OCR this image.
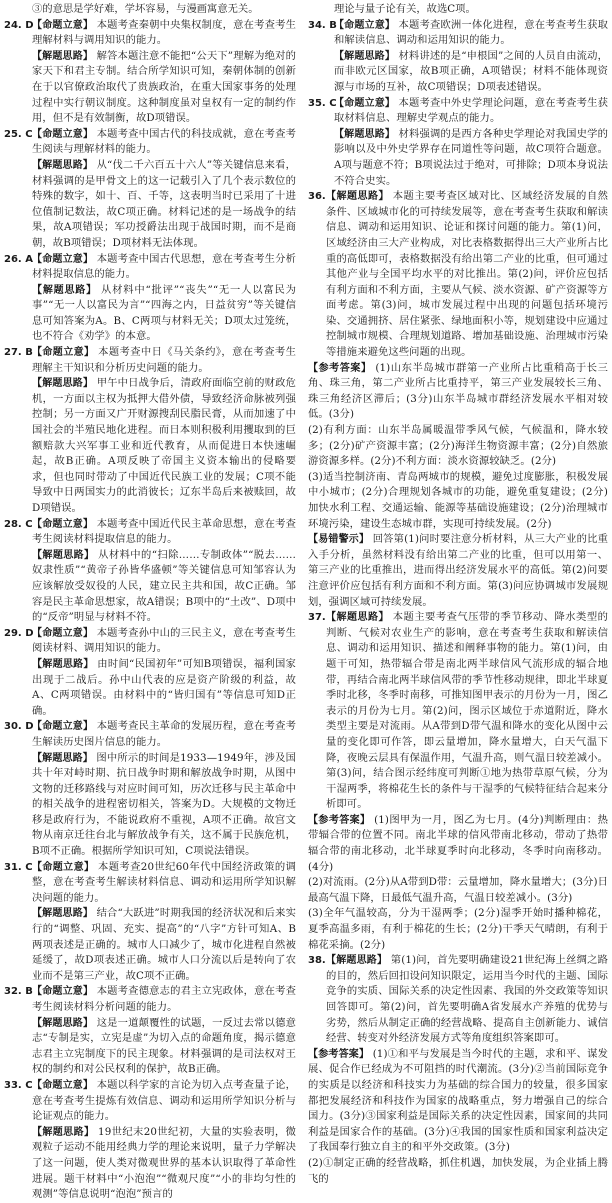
③的意思是学好难，学坏容易，与漫画寓意无关。

24. D

【命题立意】 本题考查秦朝中央集权制度，意在考查考生理解材料与调用知识的能力。

【解题思路】 解答本题注意不能把“公天下”理解为绝对的家天下和君主专制。结合所学知识可知，秦朝体制的创新在于以官僚政治取代了贵族政治，在重大国家事务的处理过程中实行朝议制度。这种制度虽对皇权有一定的制约作用，但不是有效制衡，故D项错误。

25. C 【命题立意】 本题考查中国古代的科技成就，意在考查考生阅读与理解材料的能力。

【解题思路】 从“伐二千六百五十六人”等关键信息来看，材料强调的是甲骨文上的这一记载引入了几个表示数位的特殊的数字，如十、百、千等，这表明当时已采用了十进位值制记数法，故C项正确。材料记述的是一场战争的结果，故A项错误；军功授爵法出现于战国时期，而不是商朝，故B项错误；D项材料无法体现。

26. A 【命题立意】 本题考查中国古代思想，意在考查考生分析材料提取信息的能力。

【解题思路】 从材料中“批评”“丧失”“无一人以富民为事”“无一人以富民为言”“四海之内，日益贫穷”等关键信息可知答案为A。B、C两项与材料无关；D项太过笼统，也不符合《劝学》的本意。

27. B 【命题立意】 本题考查中日《马关条约》，意在考查考生理解主干知识和分析历史问题的能力。

【解题思路】 甲午中日战争后，清政府面临空前的财政危机，一方面以主权为抵押大借外债，导致经济命脉被列强控制；另一方面又广开财源搜刮民脂民膏，从而加速了中国社会的半殖民地化进程。而日本则积极利用攫取到的巨额赔款大兴军事工业和近代教育，从而促进日本快速崛起，故B正确。A项反映了帝国主义资本输出的侵略要求，但也同时带动了中国近代民族工业的发展；C项不能导致中日两国实力的此消彼长；辽东半岛后来被赎回，故D项错误。

28. C 【命题立意】 本题考查中国近代民主革命思想，意在考查考生阅读材料提取信息的能力。

【解题思路】 从材料中的“扫除……专制政体”“脱去……奴隶性质”“黄帝子孙皆华盛顿”等关键信息可知邹容认为应该解放受奴役的人民，建立民主共和国，故C正确。邹容是民主革命思想家，故A错误；B项中的“土改”、D项中的“反帝”明显与材料不符。

29. D

【命题立意】 本题考查孙中山的三民主义，意在考查考生阅读材料、调用知识的能力。

【解题思路】 由时间“民国初年”可知B项错误，福利国家出现于二战后。孙中山代表的应是资产阶级的利益，故A、C两项错误。由材料中的“皆归国有”等信息可知D正确。

30. D

【命题立意】 本题考查民主革命的发展历程，意在考查考生解读历史图片信息的能力。

【解题思路】 图中所示的时间是1933—1949年，涉及国共十年对峙时期、抗日战争时期和解放战争时期，从图中文物的迁移路线与对应时间可知，历次迁移与民主革命中的相关战争的进程密切相关，答案为D。大规模的文物迁移是政府行为，不能说政府不重视，A项不正确。故宫文物从南京迁往台北与解放战争有关，这不属于民族危机，B项不正确。根据所学知识可知，C项说法错误。

31. C 【命题立意】 本题考查20世纪60年代中国经济政策的调整，意在考查考生解读材料信息、调动和运用所学知识解决问题的能力。

【解题思路】 结合“大跃进”时期我国的经济状况和后来实行的“调整、巩固、充实、提高”的“八字”方针可知A、B两项表述是正确的。城市人口减少了，城市化进程自然被延缓了，故D项表述正确。城市人口分流以后是转向了农业而不是第三产业，故C项不正确。

32. B 【命题立意】 本题考查德意志的君主立宪政体，意在考查考生阅读材料分析问题的能力。

【解题思路】 这是一道颠覆性的试题，一反过去常以德意志“专制是实，立宪是虚”为切入点的命题角度，揭示德意志君主立宪制度下的民主现象。材料强调的是司法权对王权的制约和对公民权利的保护，故B正确。

33. C 【命题立意】 本题以科学家的言论为切入点考查量子论，意在考查考生提炼有效信息、调动和运用所学知识分析与论证观点的能力。

【解题思路】 19世纪末20世纪初，大量的实验表明，微观粒子运动不能用经典力学的理论来说明，量子力学解决了这一问题，使人类对微观世界的基本认识取得了革命性进展。题干材料中“小泡泡”“微观尺度”“小的非均匀性的观测”等信息说明“泡泡”预言的

理论与量子论有关，故选C项。

34. B

【命题立意】 本题考查欧洲一体化进程，意在考查考生获取和解读信息、调动和运用知识的能力。

【解题思路】 材料讲述的是“申根国”之间的人员自由流动，而非欧元区国家，故B项正确，A项错误；材料不能体现资源与市场的互补，故C项错误；D项表述错误。

35. C

【命题立意】 本题考查中外史学理论问题，意在考查考生获取材料信息、理解史学观点的能力。

【解题思路】 材料强调的是西方各种史学理论对我国史学的影响以及中外史学界存在同道性等问题，故C项符合题意。A项与题意不符；B项说法过于绝对，可排除；D项本身说法不符合史实。

36. 【解题思路】 本题主要考查区域对比、区域经济发展的自然条件、区域城市化的可持续发展等，意在考查考生获取和解读信息、调动和运用知识、论证和探讨问题的能力。第(1)问，区域经济由三大产业构成，对比表格数据得出三大产业所占比重的高低即可，表格数据没有给出第二产业的比重，但可通过其他产业与全国平均水平的对比推出。第(2)问，评价应包括有利方面和不利方面，主要从气候、淡水资源、矿产资源等方面考虑。第(3)问，城市发展过程中出现的问题包括环境污染、交通拥挤、居住紧张、绿地面积小等，规划建设中应通过控制城市规模、合理规划道路、增加基础设施、治理城市污染等措施来避免这些问题的出现。

【参考答案】 (1)山东半岛城市群第一产业所占比重稍高于长三角、珠三角，第二产业所占比重持平，第三产业发展较长三角、珠三角经济区滞后；(3分)山东半岛城市群经济发展水平相对较低。(3分)

(2)有利方面：山东半岛属暖温带季风气候，气候温和，降水较多；(2分)矿产资源丰富；(2分)海洋生物资源丰富；(2分)自然旅游资源多样。(2分)不利方面：淡水资源较缺乏。(2分)

(3)适当控制济南、青岛两城市的规模，避免过度膨胀，积极发展中小城市；(2分)合理规划各城市的功能，避免重复建设；(2分)加快水利工程、交通运输、能源等基础设施建设；(2分)治理城市环境污染，建设生态城市群，实现可持续发展。(2分)

【易错警示】 回答第(1)问时要注意分析材料，从三大产业的比重入手分析，虽然材料没有给出第二产业的比重，但可以用第一、第三产业的比重推出，进而得出经济发展水平的高低。第(2)问要注意评价应包括有利方面和不利方面。第(3)问应协调城市发展规划，强调区域可持续发展。

37. 【解题思路】 本题主要考查气压带的季节移动、降水类型的判断、气候对农业生产的影响，意在考查考生获取和解读信息、调动和运用知识、描述和阐释事物的能力。第(1)问，由题干可知，热带辐合带是南北两半球信风气流形成的辐合地带，再结合南北两半球信风带的季节性移动规律，即北半球夏季时北移，冬季时南移，可推知图甲表示的月份为一月，图乙表示的月份为七月。第(2)问，图示区域位于赤道附近，降水类型主要是对流雨。从A带到D带气温和降水的变化从图中云量的变化即可作答，即云量增加，降水量增大，白天气温下降，夜晚云层具有保温作用，气温升高，则气温日较差减小。第(3)问，结合图示经纬度可判断①地为热带草原气候，分为干湿两季，将棉花生长的条件与干湿季的气候特征结合起来分析即可。

【参考答案】 (1)图甲为一月，图乙为七月。(4分)判断理由：热带辐合带的位置不同。南北半球的信风带南北移动，带动了热带辐合带的南北移动，北半球夏季时向北移动，冬季时向南移动。(4分)

(2)对流雨。(2分)从A带到D带：云量增加，降水量增大；(3分)日最高气温下降，日最低气温升高，气温日较差减小。(3分)

(3)全年气温较高，分为干湿两季；(2分)湿季开始时播种棉花，夏季高温多雨，有利于棉花的生长；(2分)干季天气晴朗，有利于棉花采摘。(2分)

38. 【解题思路】 第(1)问，首先要明确建设21世纪海上丝绸之路的目的，然后回扣设问知识限定，运用当今时代的主题、国际竞争的实质、国际关系的决定性因素、我国的外交政策等知识回答即可。第(2)问，首先要明确A省发展水产养殖的优势与劣势，然后从制定正确的经营战略、提高自主创新能力、诚信经营、转变对外经济发展方式等角度组织答案即可。

【参考答案】 (1)①和平与发展是当今时代的主题，求和平、谋发展、促合作已经成为不可阻挡的时代潮流。(3分)②当前国际竞争的实质是以经济和科技实力为基础的综合国力的较量，很多国家都把发展经济和科技作为国家的战略重点，努力增强自己的综合国力。(3分)③国家利益是国际关系的决定性因素，国家间的共同利益是国家合作的基础。(3分)④我国的国家性质和国家利益决定了我国奉行独立自主的和平外交政策。(3分)

(2)①制定正确的经营战略，抓住机遇，加快发展，为企业插上腾飞的
